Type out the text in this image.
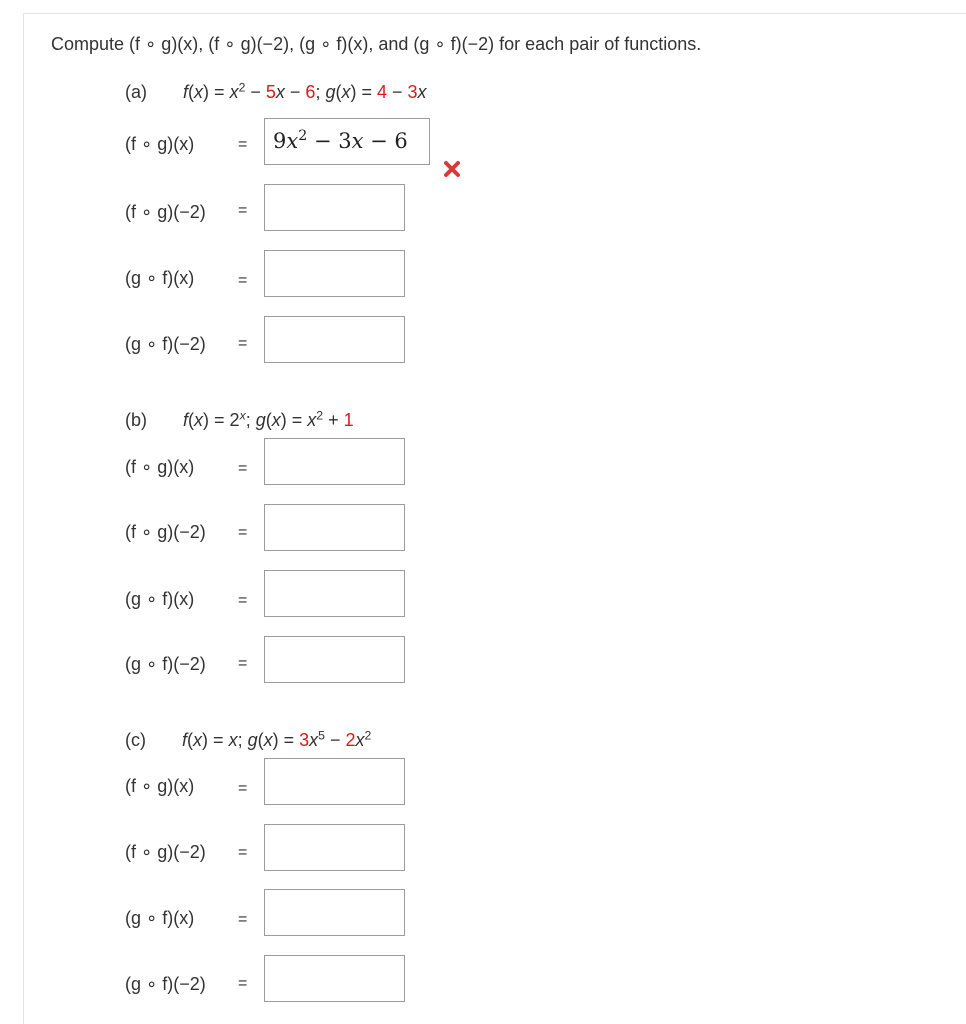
Compute (f ∘ g)(x), (f ∘ g)(−2), (g ∘ f)(x), and (g ∘ f)(−2) for each pair of functions.
(a) $f(x) = x^2 - 5x - 6$; g(x) = 4 − 3x
(f ∘ g)(x)	=	$9x^2 - 3x - 6$
(f ∘ g)(−2) =
(g ∘ f)(x)	=
(g ∘ f)(−2) =
(b) $f(x) = 2^x$; $g(x) = x^2 + 1$
(f ∘ g)(x)	=
(f ∘ g)(−2) =
(g ∘ f)(x)	=
(g ∘ f)(−2) =
(c) f(x) = x; $g(x) = 3x^5 - 2x^2$
(f ∘ g)(x)	=
(f ∘ g)(−2) =
(g ∘ f)(x)	=
(g ∘ f)(−2) =
